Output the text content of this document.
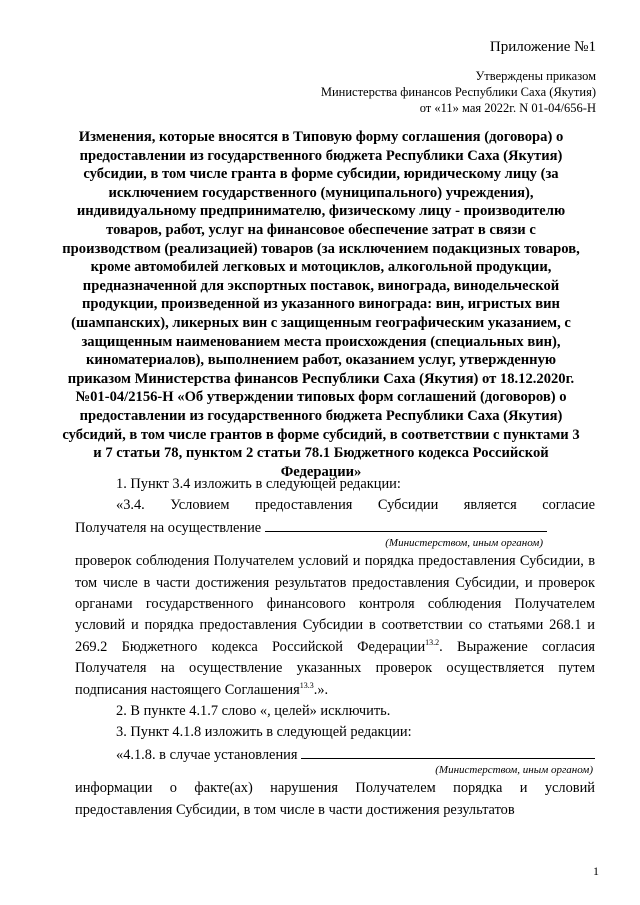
Приложение №1
Утверждены приказом
Министерства финансов Республики Саха (Якутия)
от «11» мая 2022г. N 01-04/656-Н
Изменения, которые вносятся в Типовую форму соглашения (договора) о предоставлении из государственного бюджета Республики Саха (Якутия) субсидии, в том числе гранта в форме субсидии, юридическому лицу (за исключением государственного (муниципального) учреждения), индивидуальному предпринимателю, физическому лицу - производителю товаров, работ, услуг на финансовое обеспечение затрат в связи с производством (реализацией) товаров (за исключением подакцизных товаров, кроме автомобилей легковых и мотоциклов, алкогольной продукции, предназначенной для экспортных поставок, винограда, винодельческой продукции, произведенной из указанного винограда: вин, игристых вин (шампанских), ликерных вин с защищенным географическим указанием, с защищенным наименованием места происхождения (специальных вин), киноматериалов), выполнением работ, оказанием услуг, утвержденную приказом Министерства финансов Республики Саха (Якутия) от 18.12.2020г. №01-04/2156-Н «Об утверждении типовых форм соглашений (договоров) о предоставлении из государственного бюджета Республики Саха (Якутия) субсидий, в том числе грантов в форме субсидий, в соответствии с пунктами 3 и 7 статьи 78, пунктом 2 статьи 78.1 Бюджетного кодекса Российской Федерации»

1. Пункт 3.4 изложить в следующей редакции:

«3.4. Условием предоставления Субсидии является согласие

Получателя на осуществление
(Министерством, иным органом)

проверок соблюдения Получателем условий и порядка предоставления Субсидии, в том числе в части достижения результатов предоставления Субсидии, и проверок органами государственного финансового контроля соблюдения Получателем условий и порядка предоставления Субсидии в соответствии со статьями 268.1 и 269.2 Бюджетного кодекса Российской Федерации$^{13.2}$. Выражение согласия Получателя на осуществление указанных проверок осуществляется путем подписания настоящего Соглашения$^{13.3}$.».

2. В пункте 4.1.7 слово «, целей» исключить.

3. Пункт 4.1.8 изложить в следующей редакции:

«4.1.8. в случае установления
(Министерством, иным органом)

информации о факте(ах) нарушения Получателем порядка и условий предоставления Субсидии, в том числе в части достижения результатов

1
